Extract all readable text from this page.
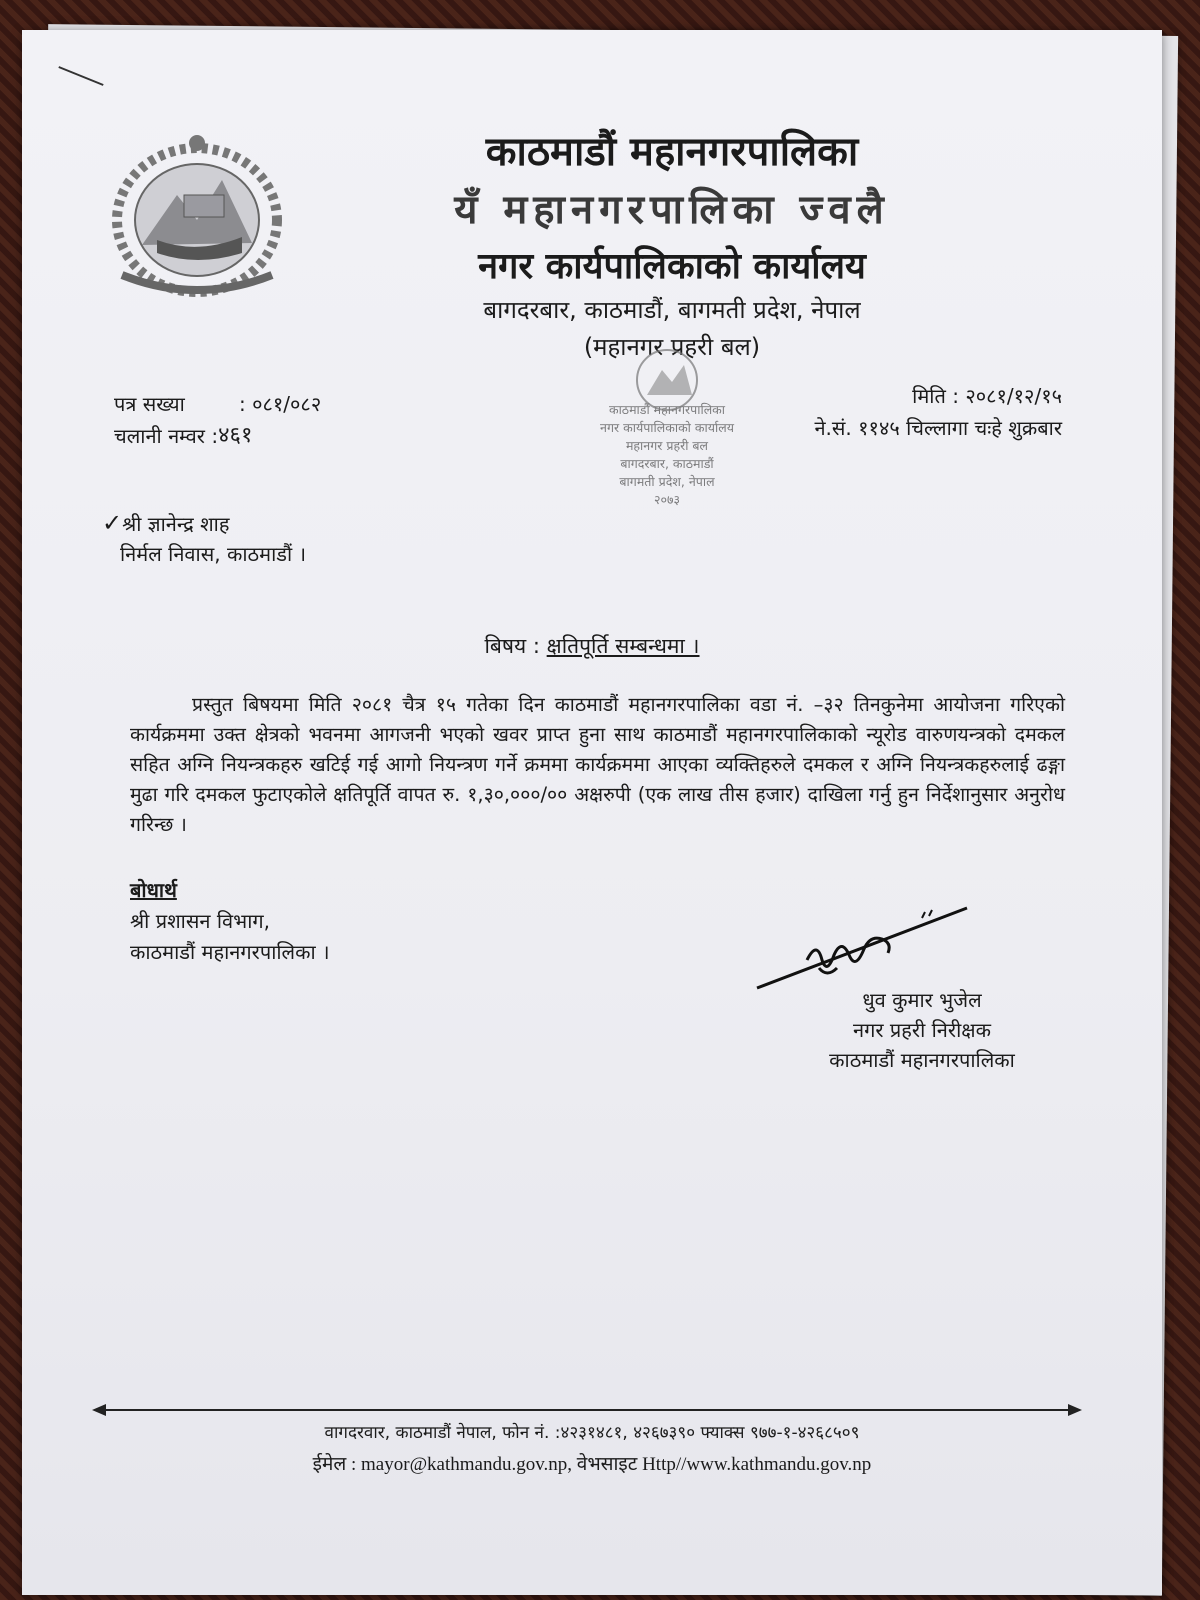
काठमाडौं महानगरपालिका
यँ महानगरपालिका ज्वलै
नगर कार्यपालिकाको कार्यालय
बागदरबार, काठमाडौं, बागमती प्रदेश, नेपाल
(महानगर प्रहरी बल)
काठमाडौं महानगरपालिका
नगर कार्यपालिकाको कार्यालय
महानगर प्रहरी बल
बागदरबार, काठमाडौं
बागमती प्रदेश, नेपाल
२०७३
पत्र सख्या	: ०८१/०८२
चलानी नम्वर : ४६१
मिति : २०८१/१२/१५
ने.सं. ११४५ चिल्लागा चःहे शुक्रबार
✓श्री ज्ञानेन्द्र शाह
निर्मल निवास, काठमाडौं ।
बिषय : क्षतिपूर्ति सम्बन्धमा ।
प्रस्तुत बिषयमा मिति २०८१ चैत्र १५ गतेका दिन काठमाडौं महानगरपालिका वडा नं. –३२ तिनकुनेमा आयोजना गरिएको कार्यक्रममा उक्त क्षेत्रको भवनमा आगजनी भएको खवर प्राप्त हुना साथ काठमाडौं महानगरपालिकाको न्यूरोड वारुणयन्त्रको दमकल सहित अग्नि नियन्त्रकहरु खटिई गई आगो नियन्त्रण गर्ने क्रममा कार्यक्रममा आएका व्यक्तिहरुले दमकल र अग्नि नियन्त्रकहरुलाई ढङ्गा मुढा गरि दमकल फुटाएकोले क्षतिपूर्ति वापत रु. १,३०,०००/०० अक्षरुपी (एक लाख तीस हजार) दाखिला गर्नु हुन निर्देशानुसार अनुरोध गरिन्छ ।
बोधार्थ
श्री प्रशासन विभाग,
काठमाडौं महानगरपालिका ।
धुव कुमार भुजेल
नगर प्रहरी निरीक्षक
काठमाडौं महानगरपालिका
वागदरवार, काठमाडौं नेपाल, फोन नं. :४२३१४८१, ४२६७३९० फ्याक्स ९७७-१-४२६८५०९
ईमेल : mayor@kathmandu.gov.np, वेभसाइट Http//www.kathmandu.gov.np
